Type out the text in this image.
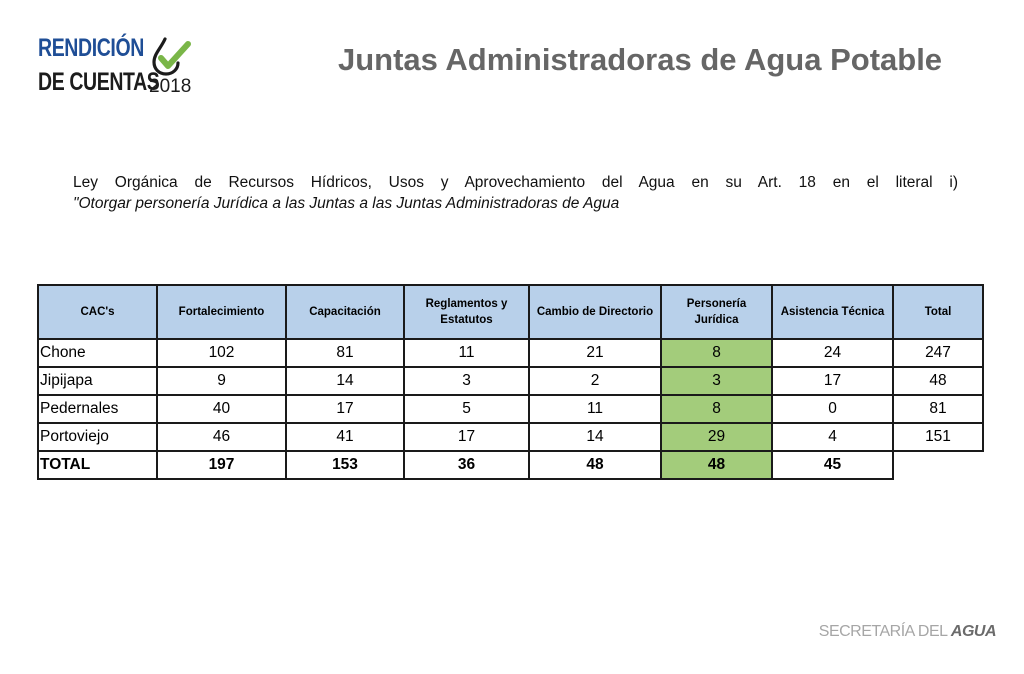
RENDICIÓN
DE CUENTAS
2018
Juntas Administradoras de Agua Potable
Ley Orgánica de Recursos Hídricos, Usos y Aprovechamiento del Agua en su Art. 18 en el literal i)
"Otorgar personería Jurídica a las Juntas a las Juntas Administradoras de Agua
CAC's	Fortalecimiento	Capacitación	Reglamentos y Estatutos	Cambio de Directorio	Personería Jurídica	Asistencia Técnica	Total
Chone	102	81	11	21	8	24	247
Jipijapa	9	14	3	2	3	17	48
Pedernales	40	17	5	11	8	0	81
Portoviejo	46	41	17	14	29	4	151
TOTAL	197	153	36	48	48	45	
SECRETARÍA DEL AGUA
